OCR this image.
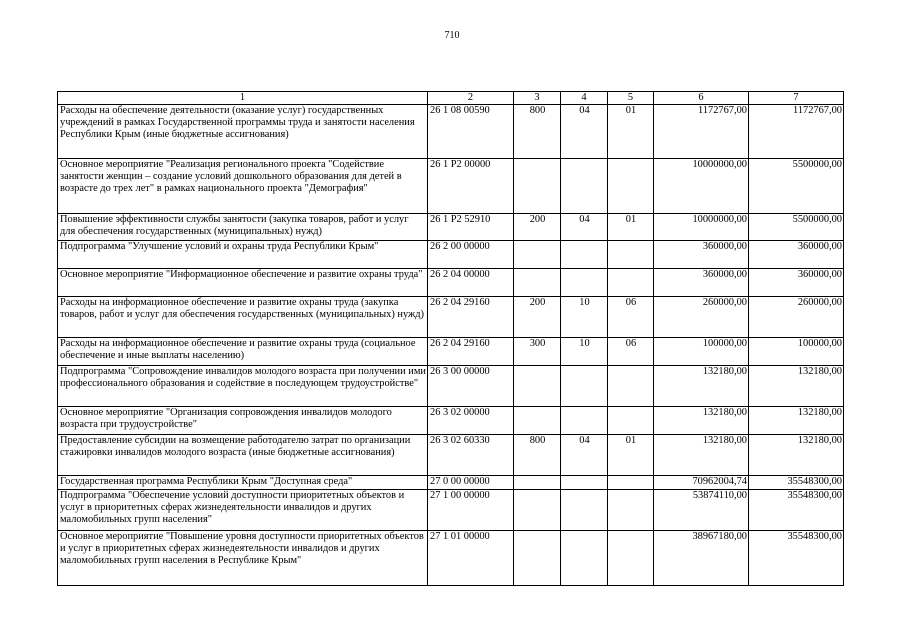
710
1	2	3	4	5	6	7
Расходы на обеспечение деятельности (оказание услуг) государственных учреждений в рамках Государственной программы труда и занятости населения Республики Крым (иные бюджетные ассигнования)	26 1 08 00590	800	04	01	1172767,00	1172767,00
Основное мероприятие "Реализация регионального проекта "Содействие занятости женщин – создание условий дошкольного образования для детей в возрасте до трех лет" в рамках национального проекта "Демография"	26 1 P2 00000				10000000,00	5500000,00
Повышение эффективности службы занятости (закупка товаров, работ и услуг для обеспечения государственных (муниципальных) нужд)	26 1 P2 52910	200	04	01	10000000,00	5500000,00
Подпрограмма "Улучшение условий и охраны труда Республики Крым"	26 2 00 00000				360000,00	360000,00
Основное мероприятие "Информационное обеспечение и развитие охраны труда"	26 2 04 00000				360000,00	360000,00
Расходы на информационное обеспечение и развитие охраны труда (закупка товаров, работ и услуг для обеспечения государственных (муниципальных) нужд)	26 2 04 29160	200	10	06	260000,00	260000,00
Расходы на информационное обеспечение и развитие охраны труда (социальное обеспечение и иные выплаты населению)	26 2 04 29160	300	10	06	100000,00	100000,00
Подпрограмма "Сопровождение инвалидов молодого возраста при получении ими профессионального образования и содействие в последующем трудоустройстве"	26 3 00 00000				132180,00	132180,00
Основное мероприятие "Организация сопровождения инвалидов молодого возраста при трудоустройстве"	26 3 02 00000				132180,00	132180,00
Предоставление субсидии на возмещение работодателю затрат по организации стажировки инвалидов молодого возраста (иные бюджетные ассигнования)	26 3 02 60330	800	04	01	132180,00	132180,00
Государственная программа Республики Крым "Доступная среда"	27 0 00 00000				70962004,74	35548300,00
Подпрограмма "Обеспечение условий доступности приоритетных объектов и услуг в приоритетных сферах жизнедеятельности инвалидов и других маломобильных групп населения"	27 1 00 00000				53874110,00	35548300,00
Основное мероприятие "Повышение уровня доступности приоритетных объектов и услуг в приоритетных сферах жизнедеятельности инвалидов и других маломобильных групп населения в Республике Крым"	27 1 01 00000				38967180,00	35548300,00
